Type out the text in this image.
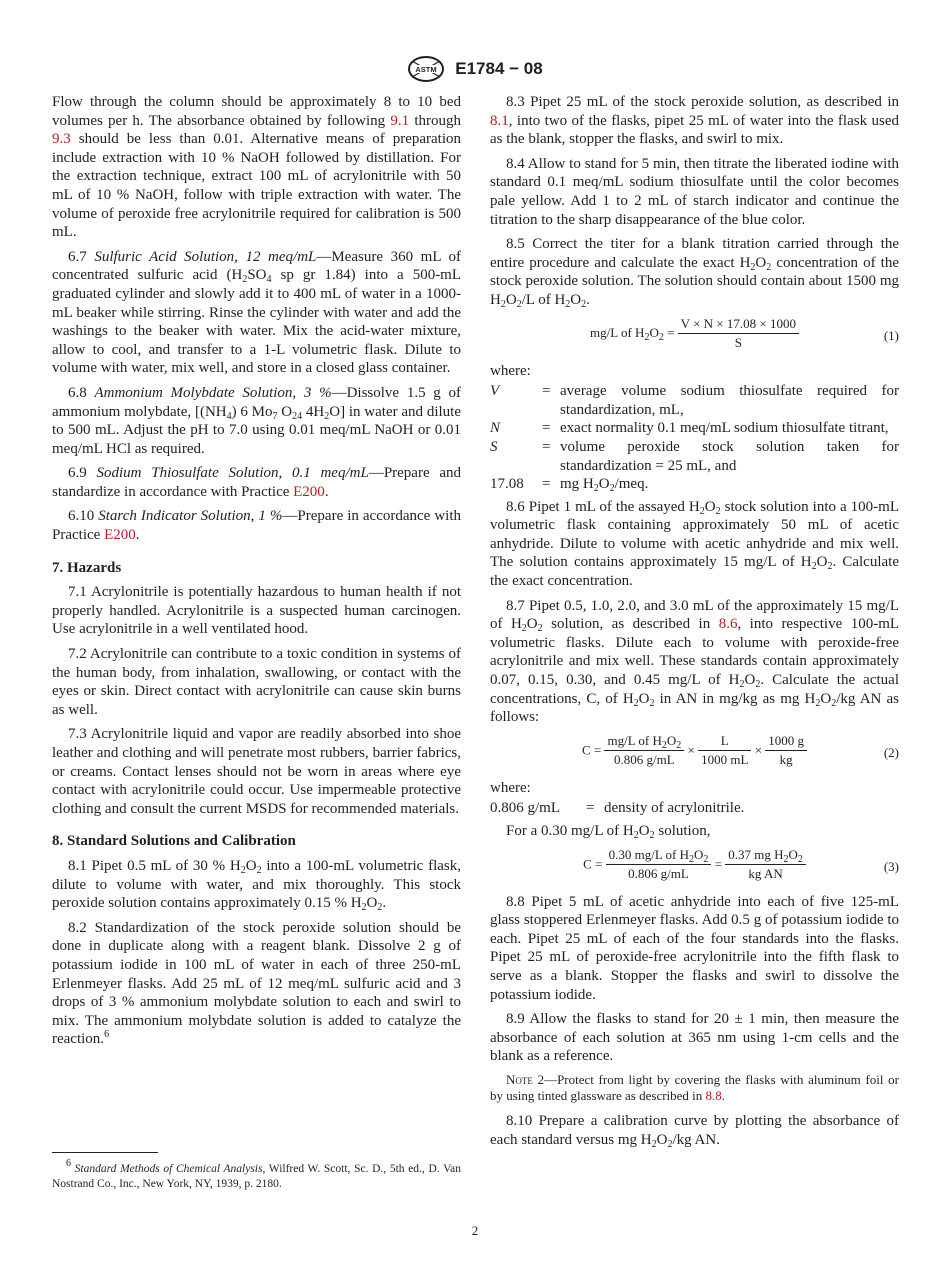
ASTM E1784 − 08

Flow through the column should be approximately 8 to 10 bed volumes per h. The absorbance obtained by following 9.1 through 9.3 should be less than 0.01. Alternative means of preparation include extraction with 10 % NaOH followed by distillation. For the extraction technique, extract 100 mL of acrylonitrile with 50 mL of 10 % NaOH, follow with triple extraction with water. The volume of peroxide free acrylonitrile required for calibration is 500 mL.

6.7 Sulfuric Acid Solution, 12 meq/mL—Measure 360 mL of concentrated sulfuric acid ($H_2SO_4$ sp gr 1.84) into a 500-mL graduated cylinder and slowly add it to 400 mL of water in a 1000-mL beaker while stirring. Rinse the cylinder with water and add the washings to the beaker with water. Mix the acid-water mixture, allow to cool, and transfer to a 1-L volumetric flask. Dilute to volume with water, mix well, and store in a closed glass container.

6.8 Ammonium Molybdate Solution, 3 %—Dissolve 1.5 g of ammonium molybdate, [$(NH_4)$ 6 $Mo_7$ $O_{24}$ $4H_2O$] in water and dilute to 500 mL. Adjust the pH to 7.0 using 0.01 meq/mL NaOH or 0.01 meq/mL HCl as required.

6.9 Sodium Thiosulfate Solution, 0.1 meq/mL—Prepare and standardize in accordance with Practice E200.

6.10 Starch Indicator Solution, 1 %—Prepare in accordance with Practice E200.

7. Hazards

7.1 Acrylonitrile is potentially hazardous to human health if not properly handled. Acrylonitrile is a suspected human carcinogen. Use acrylonitrile in a well ventilated hood.

7.2 Acrylonitrile can contribute to a toxic condition in systems of the human body, from inhalation, swallowing, or contact with the eyes or skin. Direct contact with acrylonitrile can cause skin burns as well.

7.3 Acrylonitrile liquid and vapor are readily absorbed into shoe leather and clothing and will penetrate most rubbers, barrier fabrics, or creams. Contact lenses should not be worn in areas where eye contact with acrylonitrile could occur. Use impermeable protective clothing and consult the current MSDS for recommended materials.

8. Standard Solutions and Calibration

8.1 Pipet 0.5 mL of 30 % $H_2O_2$ into a 100-mL volumetric flask, dilute to volume with water, and mix thoroughly. This stock peroxide solution contains approximately 0.15 % $H_2O_2$.

8.2 Standardization of the stock peroxide solution should be done in duplicate along with a reagent blank. Dissolve 2 g of potassium iodide in 100 mL of water in each of three 250-mL Erlenmeyer flasks. Add 25 mL of 12 meq/mL sulfuric acid and 3 drops of 3 % ammonium molybdate solution to each and swirl to mix. The ammonium molybdate solution is added to catalyze the reaction.$^6$

8.3 Pipet 25 mL of the stock peroxide solution, as described in 8.1, into two of the flasks, pipet 25 mL of water into the flask used as the blank, stopper the flasks, and swirl to mix.

8.4 Allow to stand for 5 min, then titrate the liberated iodine with standard 0.1 meq/mL sodium thiosulfate until the color becomes pale yellow. Add 1 to 2 mL of starch indicator and continue the titration to the sharp disappearance of the blue color.

8.5 Correct the titer for a blank titration carried through the entire procedure and calculate the exact $H_2O_2$ concentration of the stock peroxide solution. The solution should contain about 1500 mg $H_2O_2/L$ of $H_2O_2$.

mg/L of $H_2O_2 = \frac{V \times N \times 17.08 \times 1000}{S}$	(1)
where:
V	=	average volume sodium thiosulfate required for standardization, mL,
N	=	exact normality 0.1 meq/mL sodium thiosulfate titrant,
S	=	volume peroxide stock solution taken for standardization = 25 mL, and
17.08	=	mg $H_2O_2$/meq.

8.6 Pipet 1 mL of the assayed $H_2O_2$ stock solution into a 100-mL volumetric flask containing approximately 50 mL of acetic anhydride. Dilute to volume with acetic anhydride and mix well. The solution contains approximately 15 mg/L of $H_2O_2$. Calculate the exact concentration.

8.7 Pipet 0.5, 1.0, 2.0, and 3.0 mL of the approximately 15 mg/L of $H_2O_2$ solution, as described in 8.6, into respective 100-mL volumetric flasks. Dilute each to volume with peroxide-free acrylonitrile and mix well. These standards contain approximately 0.07, 0.15, 0.30, and 0.45 mg/L of $H_2O_2$. Calculate the actual concentrations, C, of $H_2O_2$ in AN in mg/kg as mg $H_2O_2/kg$ AN as follows:

$C = \frac{mg/L of H_2O_2}{0.806 g/mL} \times \frac{L}{1000 mL} \times \frac{1000 g}{kg}$	(2)
where:
0.806 g/mL	=	density of acrylonitrile.

For a 0.30 mg/L of $H_2O_2$ solution,

$C = \frac{0.30 mg/L of H_2O_2}{0.806 g/mL} = \frac{0.37 mg H_2O_2}{\text{kg AN}}$	(3)

8.8 Pipet 5 mL of acetic anhydride into each of five 125-mL glass stoppered Erlenmeyer flasks. Add 0.5 g of potassium iodide to each. Pipet 25 mL of each of the four standards into the flasks. Pipet 25 mL of peroxide-free acrylonitrile into the fifth flask to serve as a blank. Stopper the flasks and swirl to dissolve the potassium iodide.

8.9 Allow the flasks to stand for 20 ± 1 min, then measure the absorbance of each solution at 365 nm using 1-cm cells and the blank as a reference.

Note 2—Protect from light by covering the flasks with aluminum foil or by using tinted glassware as described in 8.8.

8.10 Prepare a calibration curve by plotting the absorbance of each standard versus mg $H_2O_2/kg$ AN.

$^6$ Standard Methods of Chemical Analysis, Wilfred W. Scott, Sc. D., 5th ed., D. Van Nostrand Co., Inc., New York, NY, 1939, p. 2180.
2
